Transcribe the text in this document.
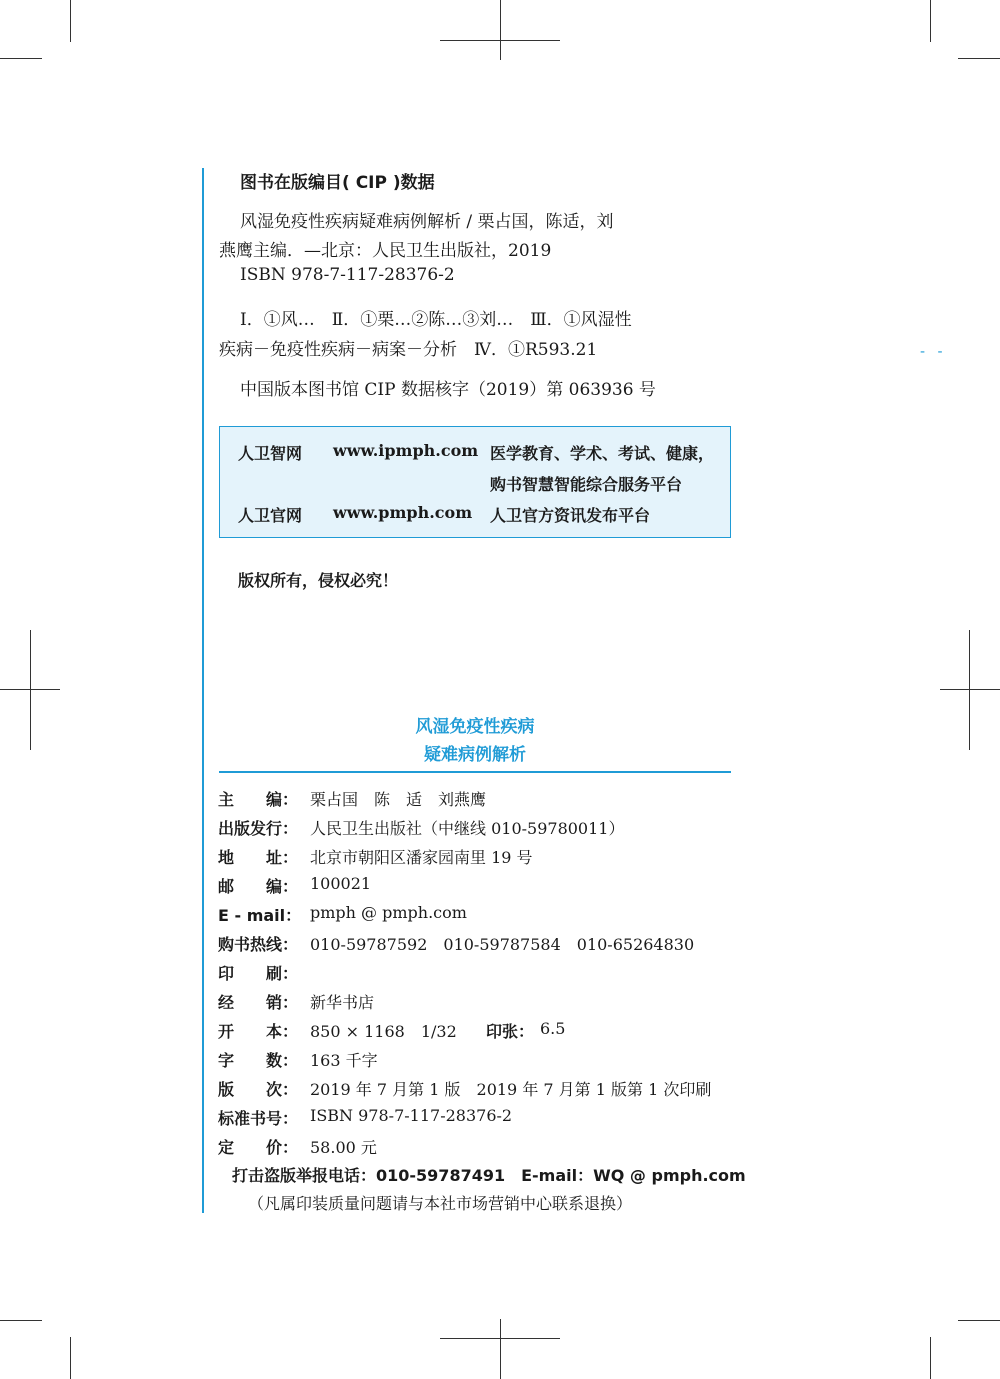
- -
图书在版编目( CIP )数据
风湿免疫性疾病疑难病例解析 / 栗占国，陈适，刘
燕鹰主编．—北京：人民卫生出版社，2019
ISBN 978-7-117-28376-2
Ⅰ．①风…　Ⅱ．①栗…②陈…③刘…　Ⅲ．①风湿性
疾病－免疫性疾病－病案－分析　Ⅳ．①R593.21
中国版本图书馆 CIP 数据核字（2019）第 063936 号
人卫智网 www.ipmph.com 医学教育、学术、考试、健康，
购书智慧智能综合服务平台
人卫官网 www.pmph.com 人卫官方资讯发布平台
版权所有，侵权必究！
风湿免疫性疾病
疑难病例解析
主　　编： 栗占国　陈　适　刘燕鹰
出版发行： 人民卫生出版社（中继线 010-59780011）
地　　址： 北京市朝阳区潘家园南里 19 号
邮　　编： 100021
E - mail： pmph @ pmph.com
购书热线： 010-59787592　010-59787584　010-65264830
印　　刷：
经　　销： 新华书店
开　　本： 850 × 1168　1/32 印张： 6.5
字　　数： 163 千字
版　　次： 2019 年 7 月第 1 版　2019 年 7 月第 1 版第 1 次印刷
标准书号： ISBN 978-7-117-28376-2
定　　价： 58.00 元
打击盗版举报电话：010-59787491　E-mail：WQ @ pmph.com
（凡属印装质量问题请与本社市场营销中心联系退换）
